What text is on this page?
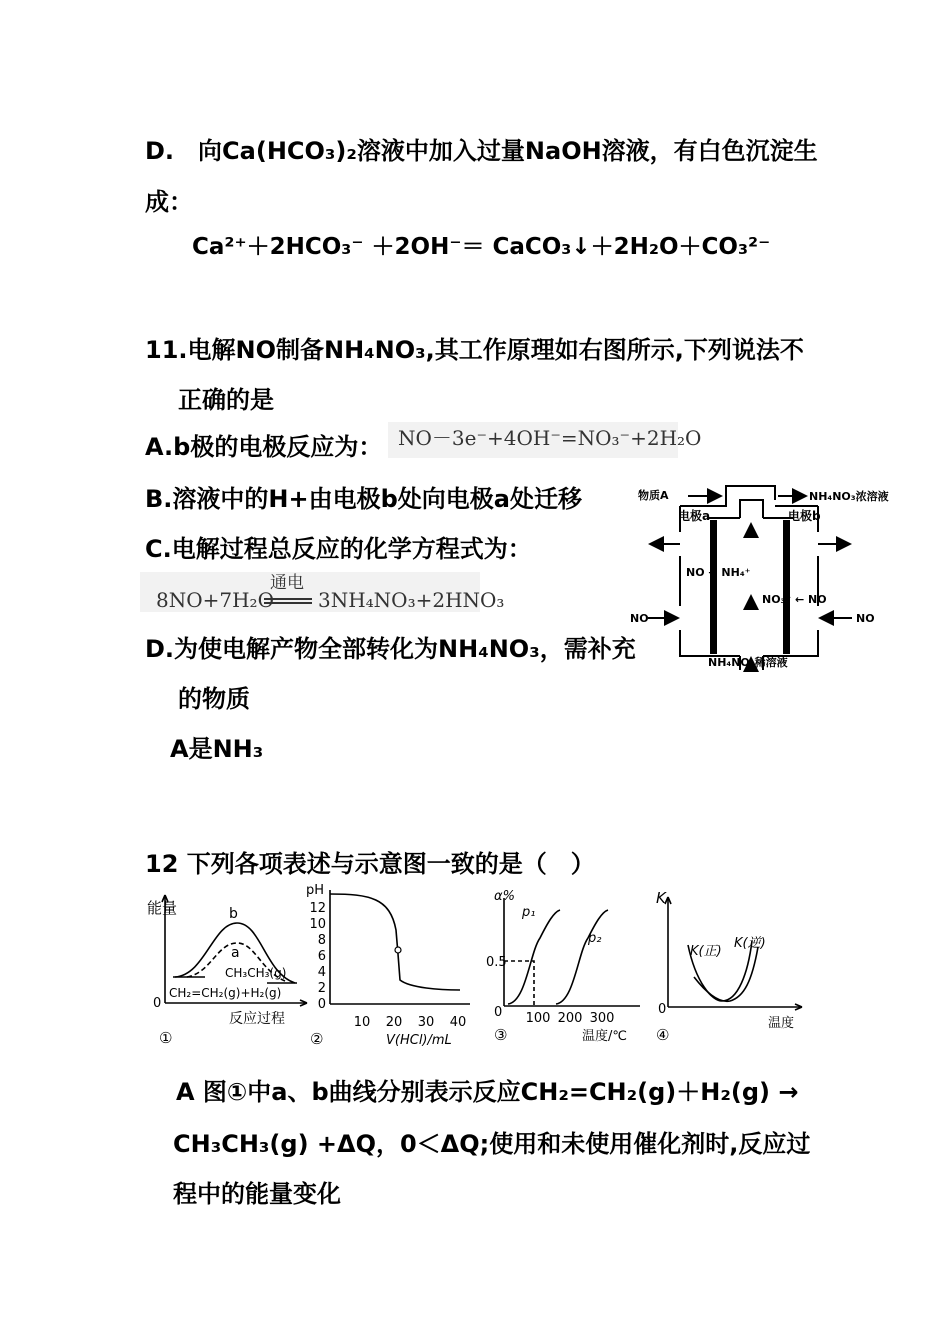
D.　向Ca(HCO₃)₂溶液中加入过量NaOH溶液，有白色沉淀生
成：
Ca²⁺＋2HCO₃⁻ ＋2OH⁻＝ CaCO₃↓＋2H₂O＋CO₃²⁻
11.电解NO制备NH₄NO₃,其工作原理如右图所示,下列说法不
正确的是
A.b极的电极反应为： NO－3e⁻+4OH⁻=NO₃⁻+2H₂O
B.溶液中的H+由电极b处向电极a处迁移
C.电解过程总反应的化学方程式为：
8NO+7H₂O
通电
3NH₄NO₃+2HNO₃
D.为使电解产物全部转化为NH₄NO₃，需补充
的物质
A是NH₃
物质A	NH₄NO₃浓溶液
电极a	电极b
NO → NH₄⁺
NO₃⁻ ← NO
NO	NO
NH₄NO₃稀溶液
12 下列各项表述与示意图一致的是（　）
能量	b
a
CH₃CH₃(g)
CH₂=CH₂(g)+H₂(g)
0
反应过程
①
pH
12
10
8
6
4
2
0
10 20 30 40
V(HCl)/mL
②
α%
p₁
p₂
0.5
0 100 200 300
温度/℃
③
K
K(正)
K(逆)
0
温度
④
A 图①中a、b曲线分别表示反应CH₂=CH₂(g)＋H₂(g) →
CH₃CH₃(g) +ΔQ，0＜ΔQ;使用和未使用催化剂时,反应过
程中的能量变化
